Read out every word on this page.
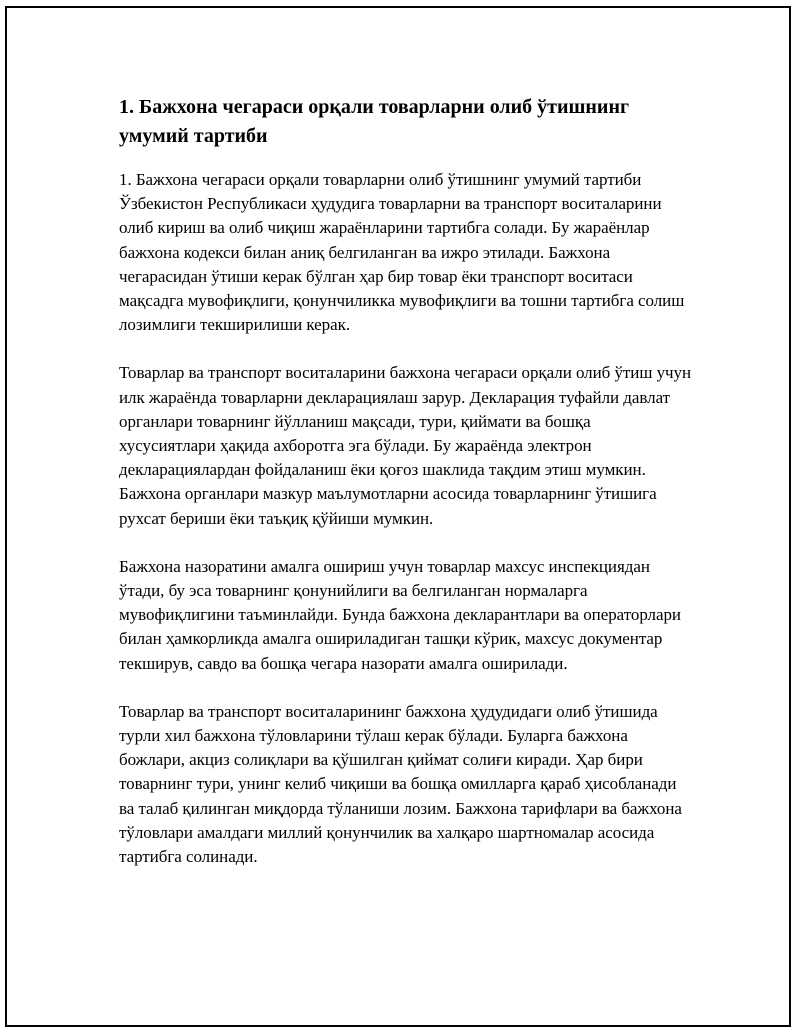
1. Бажхона чегараси орқали товарларни олиб ўтишнинг умумий тартиби

1. Бажхона чегараси орқали товарларни олиб ўтишнинг умумий тартиби Ўзбекистон Республикаси ҳудудига товарларни ва транспорт воситаларини олиб кириш ва олиб чиқиш жараёнларини тартибга солади. Бу жараёнлар бажхона кодекси билан аниқ белгиланган ва ижро этилади. Бажхона чегарасидан ўтиши керак бўлган ҳар бир товар ёки транспорт воситаси мақсадга мувофиқлиги, қонунчиликка мувофиқлиги ва тошни тартибга солиш лозимлиги текширилиши керак.

Товарлар ва транспорт воситаларини бажхона чегараси орқали олиб ўтиш учун илк жараёнда товарларни декларациялаш зарур. Декларация туфайли давлат органлари товарнинг йўлланиш мақсади, тури, қиймати ва бошқа хусусиятлари ҳақида ахборотга эга бўлади. Бу жараёнда электрон декларациялардан фойдаланиш ёки қоғоз шаклида тақдим этиш мумкин. Бажхона органлари мазкур маълумотларни асосида товарларнинг ўтишига рухсат бериши ёки таъқиқ қўйиши мумкин.

Бажхона назоратини амалга ошириш учун товарлар махсус инспекциядан ўтади, бу эса товарнинг қонунийлиги ва белгиланган нормаларга мувофиқлигини таъминлайди. Бунда бажхона декларантлари ва операторлари билан ҳамкорликда амалга ошириладиган ташқи кўрик, махсус документар текширув, савдо ва бошқа чегара назорати амалга оширилади.

Товарлар ва транспорт воситаларининг бажхона ҳудудидаги олиб ўтишида турли хил бажхона тўловларини тўлаш керак бўлади. Буларга бажхона божлари, акциз солиқлари ва қўшилган қиймат солиғи киради. Ҳар бири товарнинг тури, унинг келиб чиқиши ва бошқа омилларга қараб ҳисобланади ва талаб қилинган миқдорда тўланиши лозим. Бажхона тарифлари ва бажхона тўловлари амалдаги миллий қонунчилик ва халқаро шартномалар асосида тартибга солинади.
